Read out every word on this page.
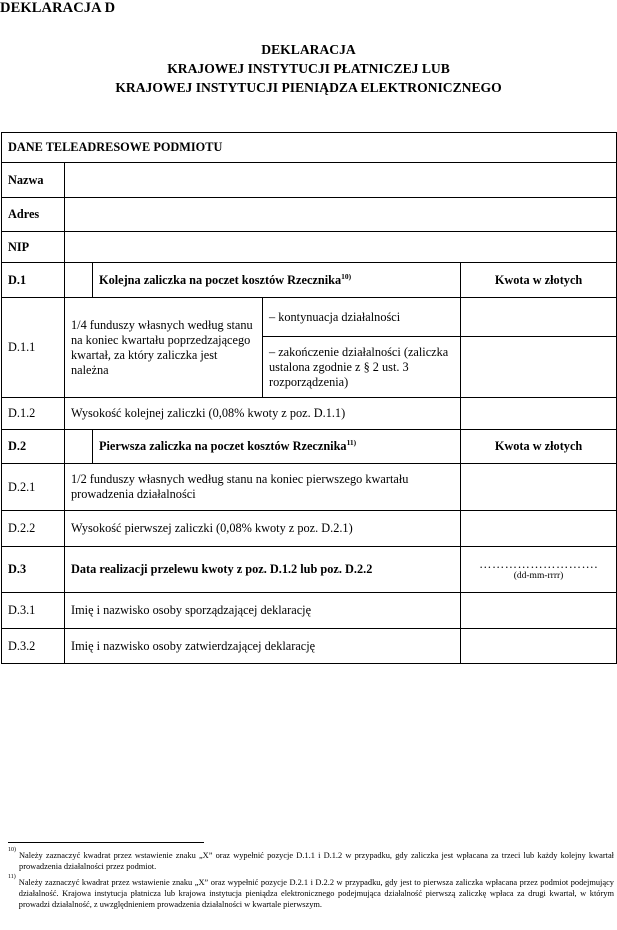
DEKLARACJA D
DEKLARACJA
KRAJOWEJ INSTYTUCJI PŁATNICZEJ LUB
KRAJOWEJ INSTYTUCJI PIENIĄDZA ELEKTRONICZNEGO
DANE TELEADRESOWE PODMIOTU				
Nazwa				
Adres				
NIP				
D.1		Kolejna zaliczka na poczet kosztów Rzecznika$^{10)}$		Kwota w złotych
D.1.1	1/4 funduszy własnych według stanu na koniec kwartału poprzedzającego kwartał, za który zaliczka jest należna		– kontynuacja działalności	
			– zakończenie działalności (zaliczka ustalona zgodnie z § 2 ust. 3 rozporządzenia)	
D.1.2	Wysokość kolejnej zaliczki (0,08% kwoty z poz. D.1.1)			
D.2		Pierwsza zaliczka na poczet kosztów Rzecznika$^{11)}$		Kwota w złotych
D.2.1	1/2 funduszy własnych według stanu na koniec pierwszego kwartału prowadzenia działalności			
D.2.2	Wysokość pierwszej zaliczki (0,08% kwoty z poz. D.2.1)			
D.3	Data realizacji przelewu kwoty z poz. D.1.2 lub poz. D.2.2			……………………….
(dd-mm-rrrr)

D.3.1	Imię i nazwisko osoby sporządzającej deklarację			
D.3.2	Imię i nazwisko osoby zatwierdzającej deklarację			
10)
Należy zaznaczyć kwadrat przez wstawienie znaku „X” oraz wypełnić pozycje D.1.1 i D.1.2 w przypadku, gdy zaliczka jest wpłacana za trzeci lub każdy kolejny kwartał prowadzenia działalności przez podmiot.
11)
Należy zaznaczyć kwadrat przez wstawienie znaku „X” oraz wypełnić pozycje D.2.1 i D.2.2 w przypadku, gdy jest to pierwsza zaliczka wpłacana przez podmiot podejmujący działalność. Krajowa instytucja płatnicza lub krajowa instytucja pieniądza elektronicznego podejmująca działalność pierwszą zaliczkę wpłaca za drugi kwartał, w którym prowadzi działalność, z uwzględnieniem prowadzenia działalności w kwartale pierwszym.
